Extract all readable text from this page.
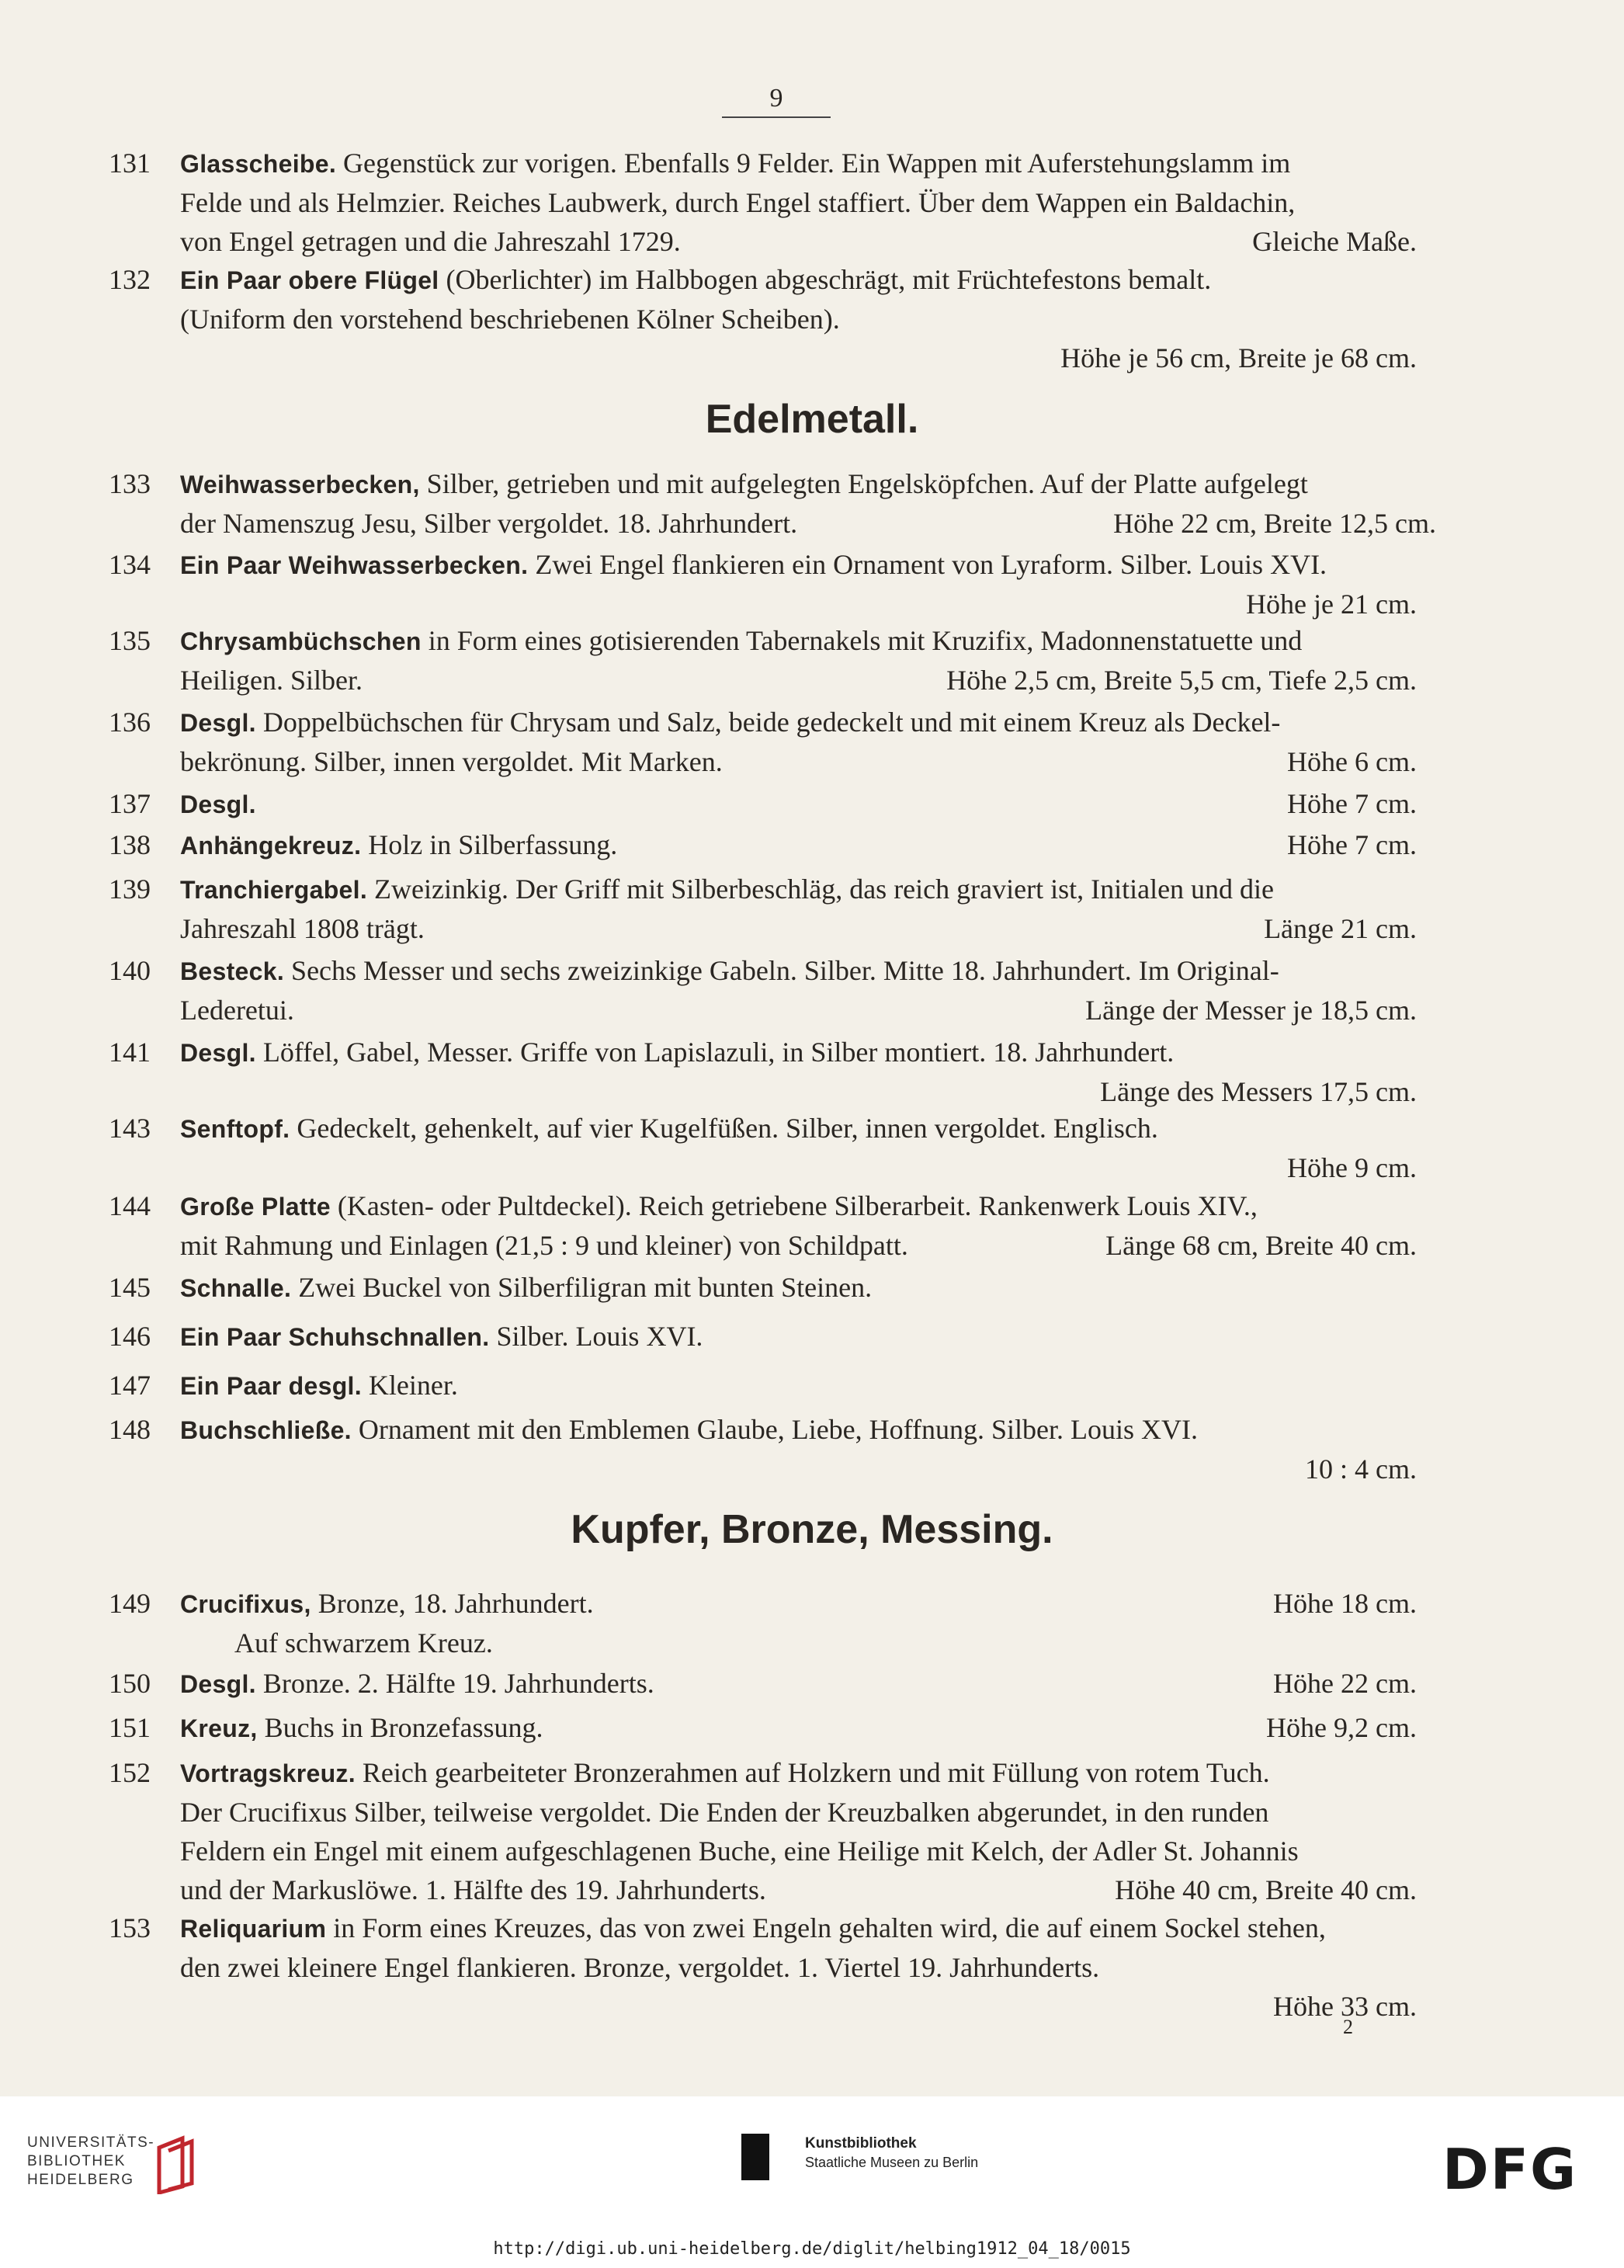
9
131	Glasscheibe. Gegenstück zur vorigen. Ebenfalls 9 Felder. Ein Wappen mit Auferstehungslamm im
Felde und als Helmzier. Reiches Laubwerk, durch Engel staffiert. Über dem Wappen ein Baldachin,
von Engel getragen und die Jahreszahl 1729.	Gleiche Maße.
132	Ein Paar obere Flügel (Oberlichter) im Halbbogen abgeschrägt, mit Früchtefestons bemalt.
(Uniform den vorstehend beschriebenen Kölner Scheiben).
Höhe je 56 cm, Breite je 68 cm.
Edelmetall.
133	Weihwasserbecken, Silber, getrieben und mit aufgelegten Engelsköpfchen. Auf der Platte aufgelegt
der Namenszug Jesu, Silber vergoldet. 18. Jahrhundert.	Höhe 22 cm, Breite 12,5 cm.
134	Ein Paar Weihwasserbecken. Zwei Engel flankieren ein Ornament von Lyraform. Silber. Louis XVI.
Höhe je 21 cm.
135	Chrysambüchschen in Form eines gotisierenden Tabernakels mit Kruzifix, Madonnenstatuette und
Heiligen. Silber.	Höhe 2,5 cm, Breite 5,5 cm, Tiefe 2,5 cm.
136	Desgl. Doppelbüchschen für Chrysam und Salz, beide gedeckelt und mit einem Kreuz als Deckel-
bekrönung. Silber, innen vergoldet. Mit Marken.	Höhe 6 cm.
137	Desgl.	Höhe 7 cm.
138	Anhängekreuz. Holz in Silberfassung.	Höhe 7 cm.
139	Tranchiergabel. Zweizinkig. Der Griff mit Silberbeschläg, das reich graviert ist, Initialen und die
Jahreszahl 1808 trägt.	Länge 21 cm.
140	Besteck. Sechs Messer und sechs zweizinkige Gabeln. Silber. Mitte 18. Jahrhundert. Im Original-
Lederetui.	Länge der Messer je 18,5 cm.
141	Desgl. Löffel, Gabel, Messer. Griffe von Lapislazuli, in Silber montiert. 18. Jahrhundert.
Länge des Messers 17,5 cm.
143	Senftopf. Gedeckelt, gehenkelt, auf vier Kugelfüßen. Silber, innen vergoldet. Englisch.
Höhe 9 cm.
144	Große Platte (Kasten- oder Pultdeckel). Reich getriebene Silberarbeit. Rankenwerk Louis XIV.,
mit Rahmung und Einlagen (21,5 : 9 und kleiner) von Schildpatt.	Länge 68 cm, Breite 40 cm.
145	Schnalle. Zwei Buckel von Silberfiligran mit bunten Steinen.
146	Ein Paar Schuhschnallen. Silber. Louis XVI.
147	Ein Paar desgl. Kleiner.
148	Buchschließe. Ornament mit den Emblemen Glaube, Liebe, Hoffnung. Silber. Louis XVI.
10 : 4 cm.
Kupfer, Bronze, Messing.
149	Crucifixus, Bronze, 18. Jahrhundert.	Höhe 18 cm.
Auf schwarzem Kreuz.
150	Desgl. Bronze. 2. Hälfte 19. Jahrhunderts.	Höhe 22 cm.
151	Kreuz, Buchs in Bronzefassung.	Höhe 9,2 cm.
152	Vortragskreuz. Reich gearbeiteter Bronzerahmen auf Holzkern und mit Füllung von rotem Tuch.
Der Crucifixus Silber, teilweise vergoldet. Die Enden der Kreuzbalken abgerundet, in den runden
Feldern ein Engel mit einem aufgeschlagenen Buche, eine Heilige mit Kelch, der Adler St. Johannis
und der Markuslöwe. 1. Hälfte des 19. Jahrhunderts.	Höhe 40 cm, Breite 40 cm.
153	Reliquarium in Form eines Kreuzes, das von zwei Engeln gehalten wird, die auf einem Sockel stehen,
den zwei kleinere Engel flankieren. Bronze, vergoldet. 1. Viertel 19. Jahrhunderts.
Höhe 33 cm.
2
UNIVERSITÄTS-
BIBLIOTHEK
HEIDELBERG
Kunstbibliothek
Staatliche Museen zu Berlin	DFG
http://digi.ub.uni-heidelberg.de/diglit/helbing1912_04_18/0015
